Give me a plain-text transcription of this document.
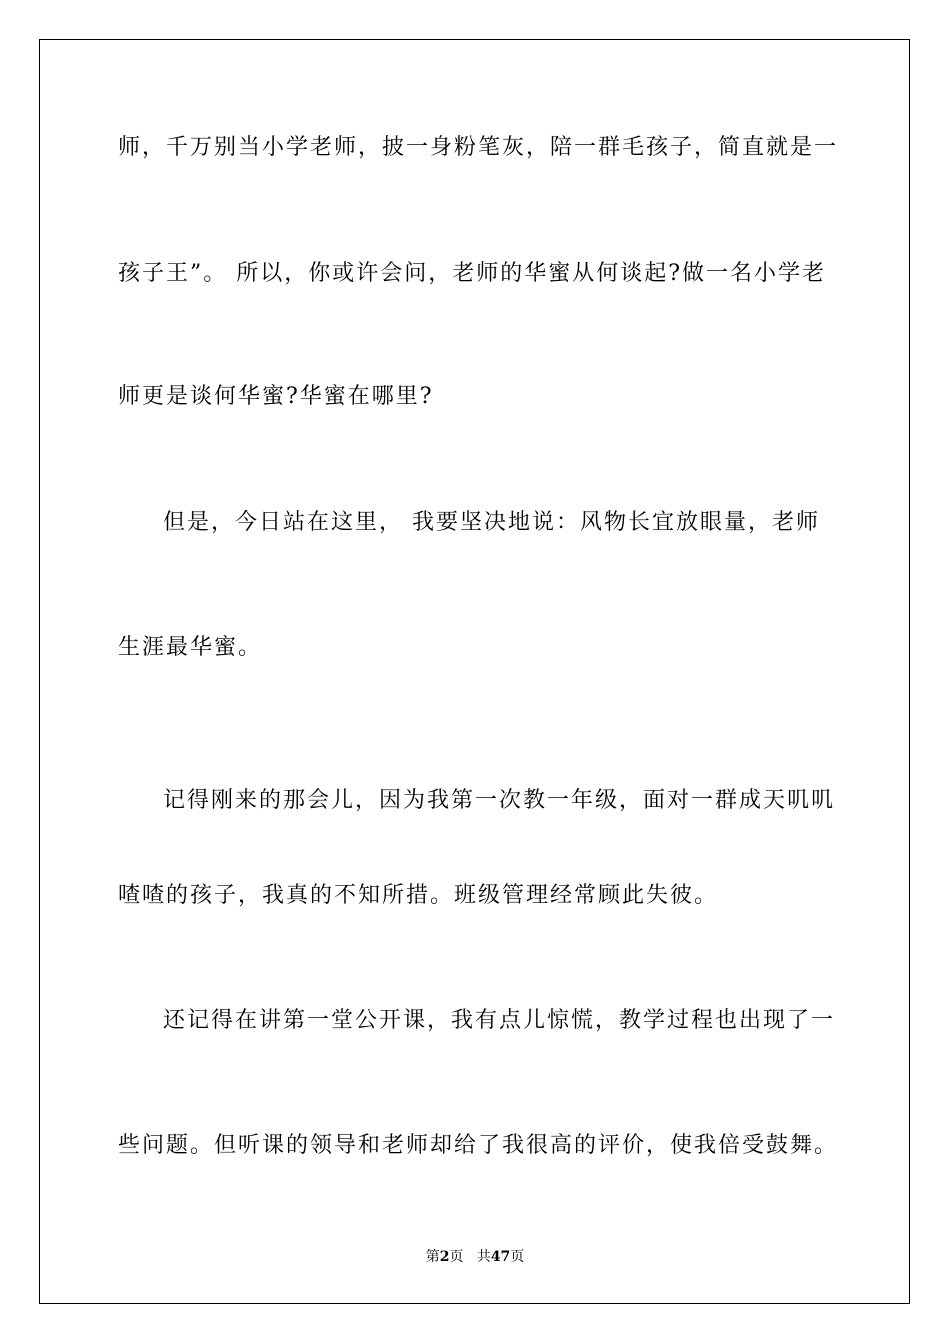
师，千万别当小学老师，披一身粉笔灰，陪一群毛孩子，简直就是一
孩子王”。 所以，你或许会问，老师的华蜜从何谈起?做一名小学老
师更是谈何华蜜?华蜜在哪里?
但是，今日站在这里， 我要坚决地说：风物长宜放眼量，老师
生涯最华蜜。
记得刚来的那会儿，因为我第一次教一年级，面对一群成天叽叽
喳喳的孩子，我真的不知所措。班级管理经常顾此失彼。
还记得在讲第一堂公开课，我有点儿惊慌，教学过程也出现了一
些问题。但听课的领导和老师却给了我很高的评价，使我倍受鼓舞。
第2页 共47页
